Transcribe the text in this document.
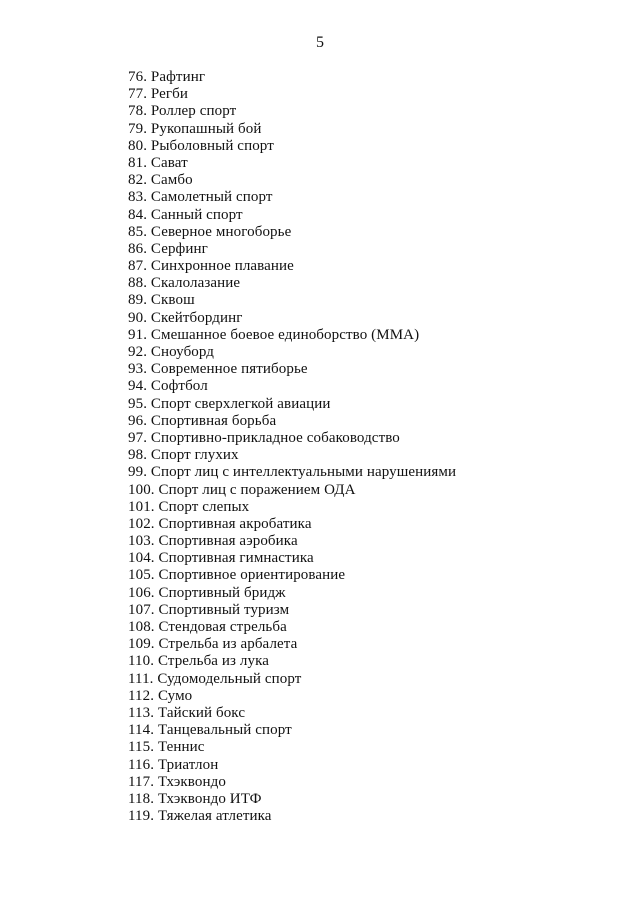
5
76. Рафтинг
77. Регби
78. Роллер спорт
79. Рукопашный бой
80. Рыболовный спорт
81. Сават
82. Самбо
83. Самолетный спорт
84. Санный спорт
85. Северное многоборье
86. Серфинг
87. Синхронное плавание
88. Скалолазание
89. Сквош
90. Скейтбординг
91. Смешанное боевое единоборство (ММА)
92. Сноуборд
93. Современное пятиборье
94. Софтбол
95. Спорт сверхлегкой авиации
96. Спортивная борьба
97. Спортивно-прикладное собаководство
98. Спорт глухих
99. Спорт лиц с интеллектуальными нарушениями
100. Спорт лиц с поражением ОДА
101. Спорт слепых
102. Спортивная акробатика
103. Спортивная аэробика
104. Спортивная гимнастика
105. Спортивное ориентирование
106. Спортивный бридж
107. Спортивный туризм
108. Стендовая стрельба
109. Стрельба из арбалета
110. Стрельба из лука
111. Судомодельный спорт
112. Сумо
113. Тайский бокс
114. Танцевальный спорт
115. Теннис
116. Триатлон
117. Тхэквондо
118. Тхэквондо ИТФ
119. Тяжелая атлетика
